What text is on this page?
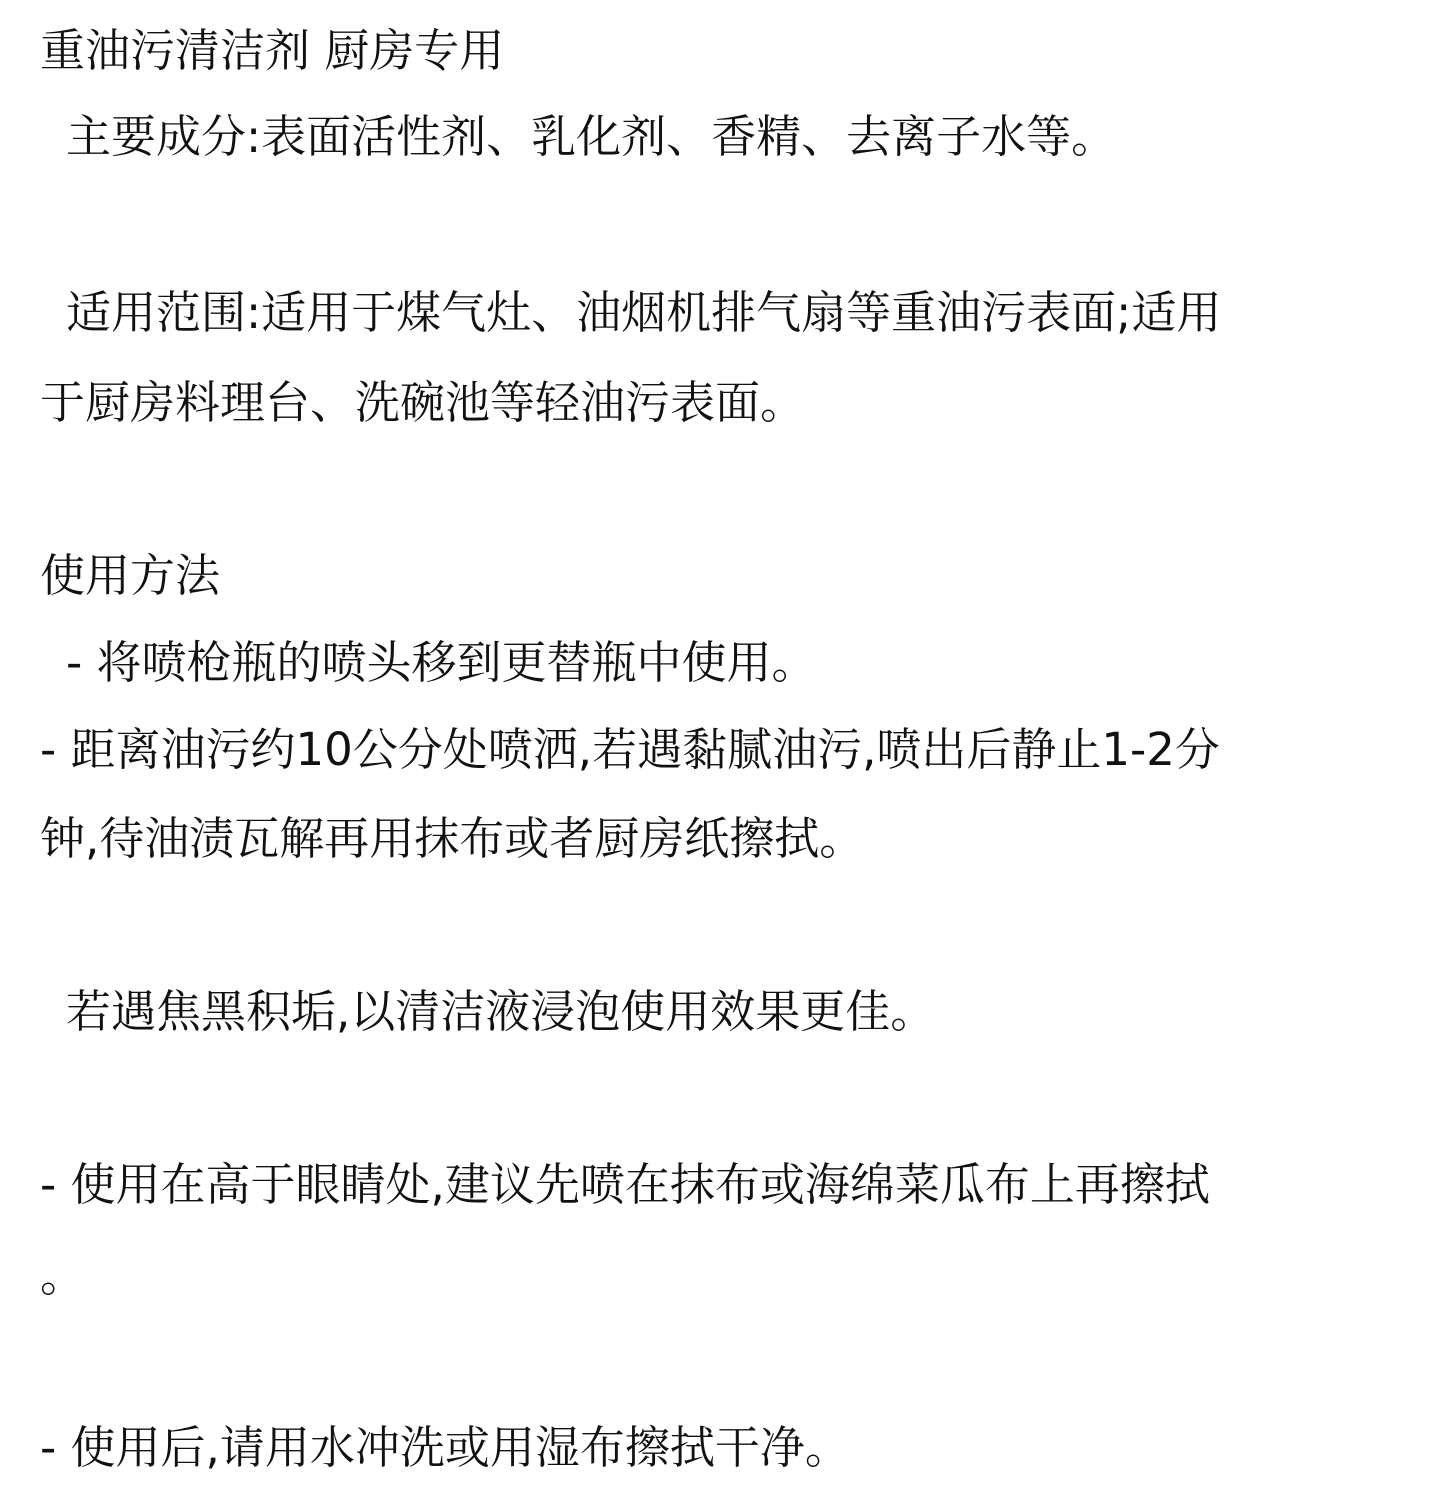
重油污清洁剂 厨房专用
主要成分:表面活性剂、乳化剂、香精、去离子水等。
适用范围:适用于煤气灶、油烟机排气扇等重油污表面;适用
于厨房料理台、洗碗池等轻油污表面。
使用方法
- 将喷枪瓶的喷头移到更替瓶中使用。
- 距离油污约10公分处喷洒,若遇黏腻油污,喷出后静止1-2分
钟,待油渍瓦解再用抹布或者厨房纸擦拭。
若遇焦黑积垢,以清洁液浸泡使用效果更佳。
- 使用在高于眼睛处,建议先喷在抹布或海绵菜瓜布上再擦拭
。
- 使用后,请用水冲洗或用湿布擦拭干净。
